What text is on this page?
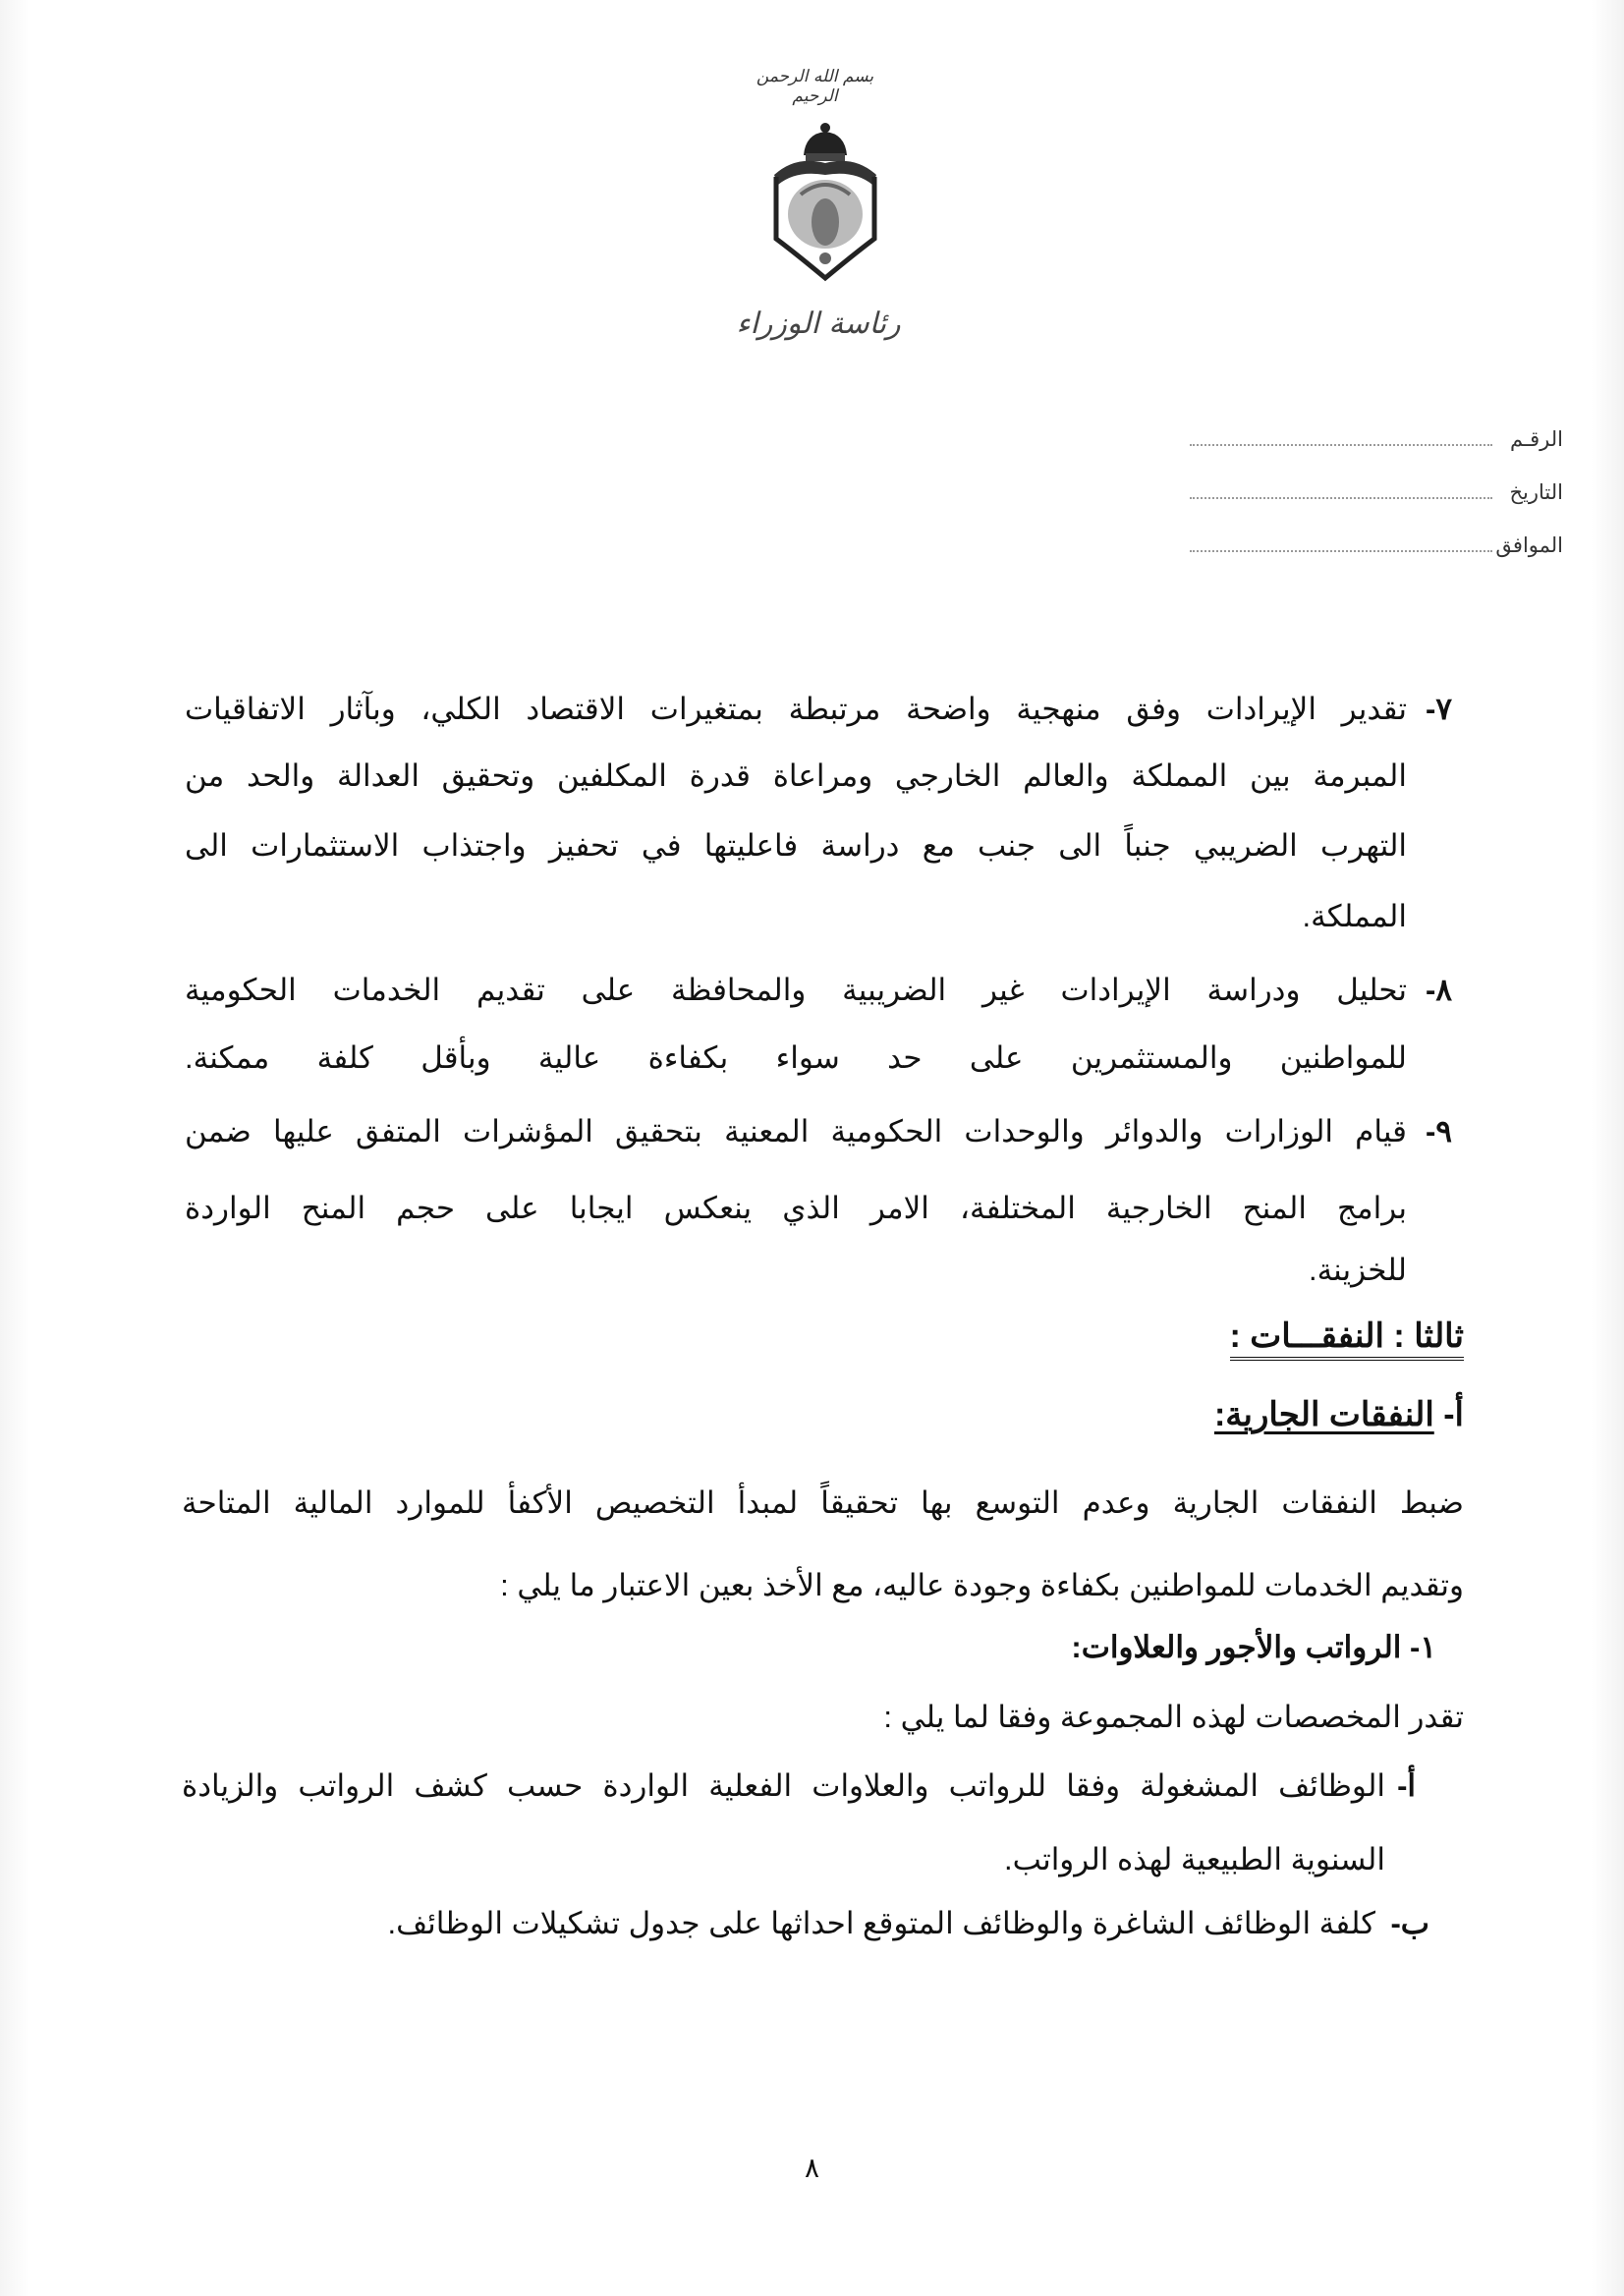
بسم الله الرحمن الرحيم
رئاسة الوزراء
الرقـم
التاريخ
الموافق
٧-
تقدير الإيرادات وفق منهجية واضحة مرتبطة بمتغيرات الاقتصاد الكلي، وبآثار الاتفاقيات
المبرمة بين المملكة والعالم الخارجي ومراعاة قدرة المكلفين وتحقيق العدالة والحد من
التهرب الضريبي جنباً الى جنب مع دراسة فاعليتها في تحفيز واجتذاب الاستثمارات الى
المملكة.
٨-
تحليل ودراسة الإيرادات غير الضريبية والمحافظة على تقديم الخدمات الحكومية
للمواطنين والمستثمرين على حد سواء بكفاءة عالية وبأقل كلفة ممكنة.
٩-
قيام الوزارات والدوائر والوحدات الحكومية المعنية بتحقيق المؤشرات المتفق عليها ضمن
برامج المنح الخارجية المختلفة، الامر الذي ينعكس ايجابا على حجم المنح الواردة
للخزينة.
ثالثا : النفقـــات :
أ- النفقات الجارية:
ضبط النفقات الجارية وعدم التوسع بها تحقيقاً لمبدأ التخصيص الأكفأ للموارد المالية المتاحة
وتقديم الخدمات للمواطنين بكفاءة وجودة عاليه، مع الأخذ بعين الاعتبار ما يلي :
١- الرواتب والأجور والعلاوات:
تقدر المخصصات لهذه المجموعة وفقا لما يلي :
أ-
الوظائف المشغولة وفقا للرواتب والعلاوات الفعلية الواردة حسب كشف الرواتب والزيادة
السنوية الطبيعية لهذه الرواتب.
ب-
كلفة الوظائف الشاغرة والوظائف المتوقع احداثها على جدول تشكيلات الوظائف.
٨
